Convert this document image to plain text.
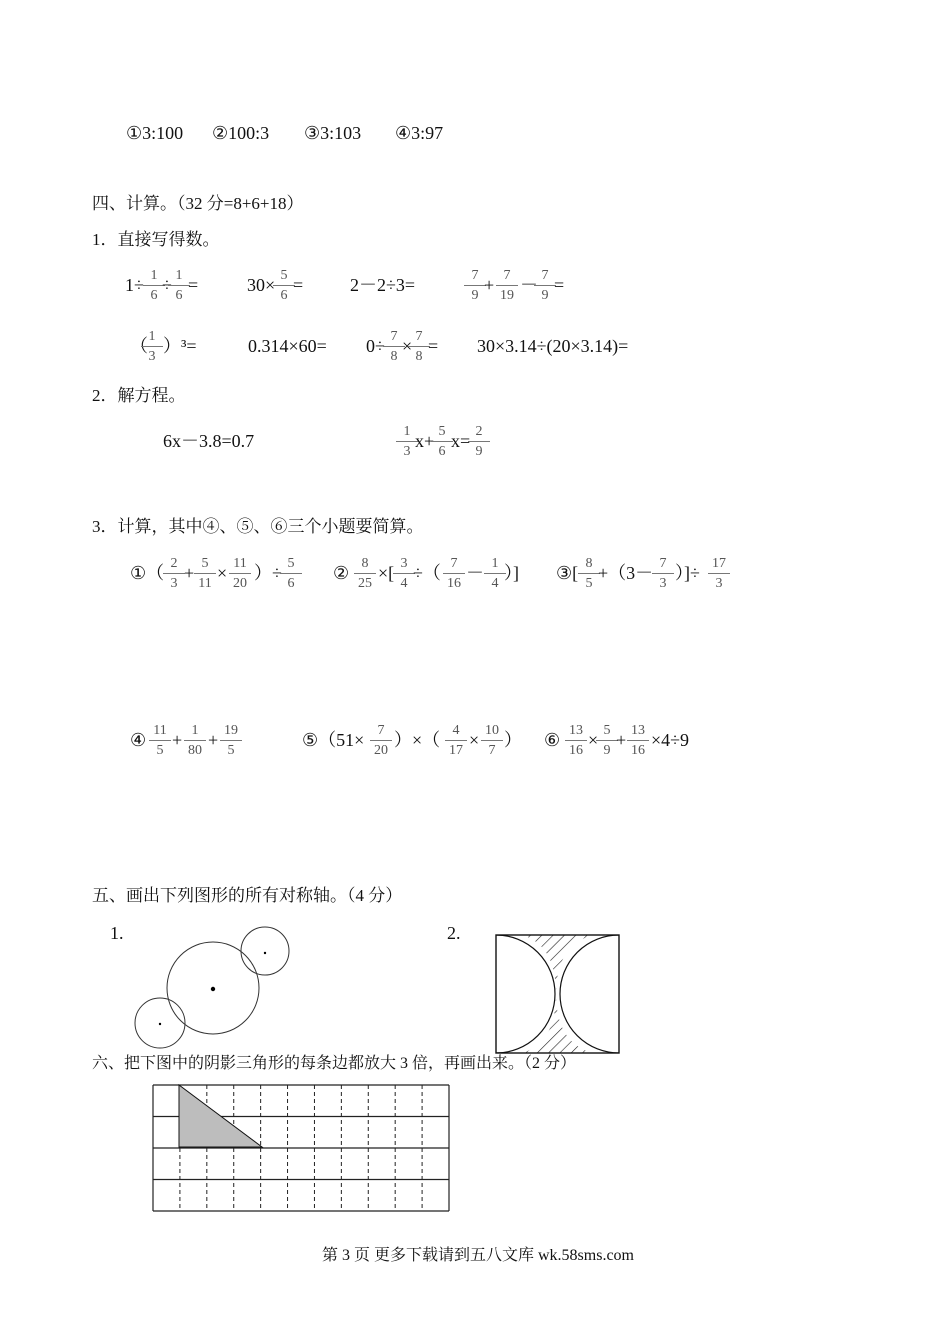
①3:100 ②100:3 ③3:103 ④3:97
四、计算。（32 分=8+6+18）
1．直接写得数。
1÷ 1
6
÷ 1
6
=	30× 5
6
=	2－2÷3=	7
9
+ 7
19
－ 7
9
=
（ 1
3
）³=	0.314×60= 0÷ 7
8
× 7
8
= 30×3.14÷(20×3.14)=
2．解方程。
6x－3.8=0.7	1
3
x+ 5
6
x= 2
9
3．计算，其中④、⑤、⑥三个小题要简算。
①（ 2
3
+ 5
11
× 11
20
）÷ 5
6
② 8
25
×[ 3
4
÷（ 7
16
－ 1
4
）] ③[ 8
5
+（3－ 7
3
）]÷ 17
3
④ 11
5
+ 1
80
+ 19
5
⑤（51× 7
20
）×（ 4
17
× 10
7
） ⑥ 13
16
× 5
9
+ 13
16
×4÷9
五、画出下列图形的所有对称轴。（4 分）
1.	2.
六、把下图中的阴影三角形的每条边都放大 3 倍，再画出来。（2 分）
第 3 页 更多下载请到五八文库 wk.58sms.com
